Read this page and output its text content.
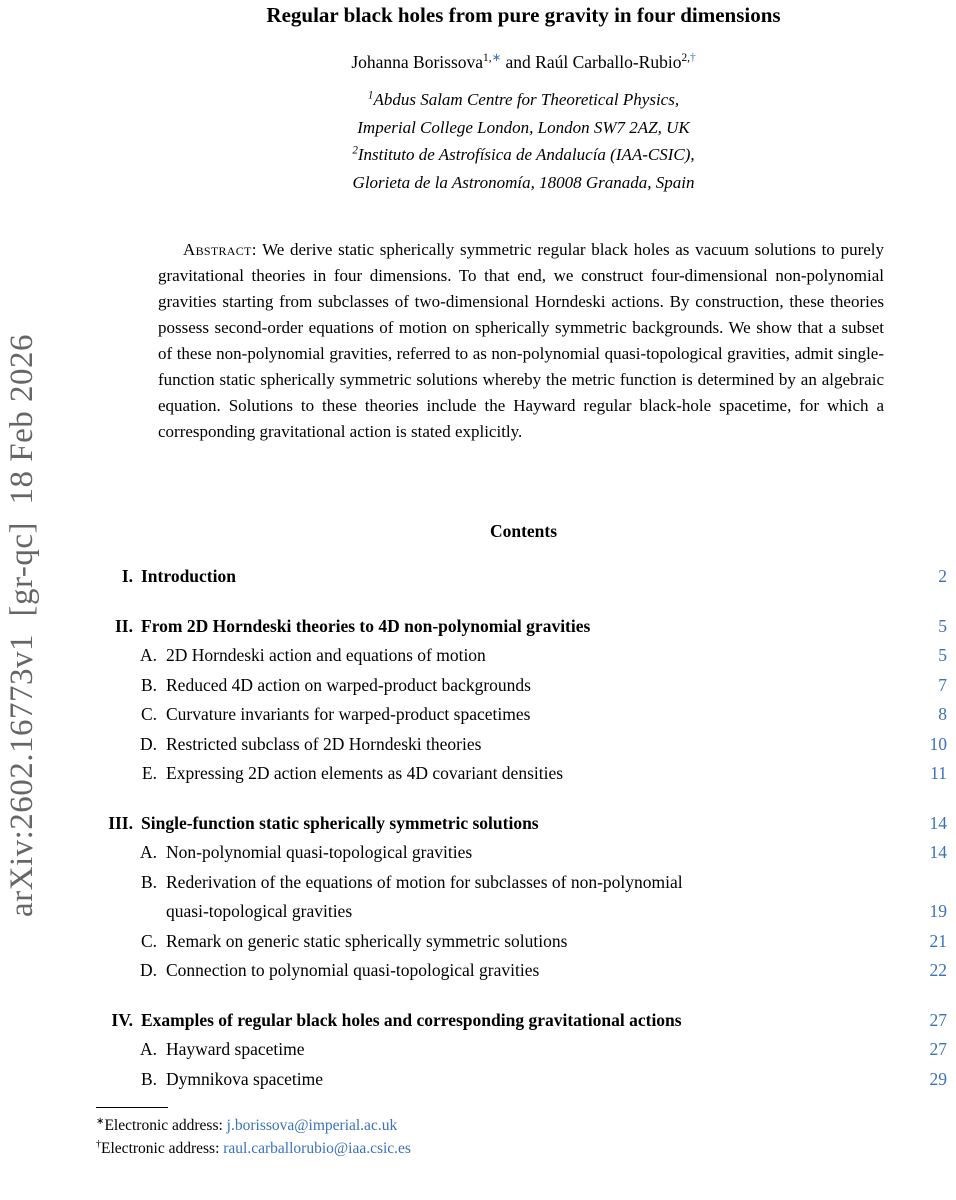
arXiv:2602.16773v1  [gr-qc]  18 Feb 2026
Regular black holes from pure gravity in four dimensions
Johanna Borissova$^{1,∗}$ and Raúl Carballo-Rubio$^{2,\dagger}$
$^1$Abdus Salam Centre for Theoretical Physics,
Imperial College London, London SW7 2AZ, UK
$^2$Instituto de Astrofísica de Andalucía (IAA-CSIC),
Glorieta de la Astronomía, 18008 Granada, Spain
Abstract: We derive static spherically symmetric regular black holes as vacuum solutions to purely gravitational theories in four dimensions. To that end, we construct four-dimensional non-polynomial gravities starting from subclasses of two-dimensional Horndeski actions. By construction, these theories possess second-order equations of motion on spherically symmetric backgrounds. We show that a subset of these non-polynomial gravities, referred to as non-polynomial quasi-topological gravities, admit single-function static spherically symmetric solutions whereby the metric function is determined by an algebraic equation. Solutions to these theories include the Hayward regular black-hole spacetime, for which a corresponding gravitational action is stated explicitly.
Contents
I. Introduction	2
II. From 2D Horndeski theories to 4D non-polynomial gravities	5
A. 2D Horndeski action and equations of motion	5
B. Reduced 4D action on warped-product backgrounds	7
C. Curvature invariants for warped-product spacetimes	8
D. Restricted subclass of 2D Horndeski theories	10
E. Expressing 2D action elements as 4D covariant densities	11
III. Single-function static spherically symmetric solutions	14
A. Non-polynomial quasi-topological gravities	14
B. Rederivation of the equations of motion for subclasses of non-polynomial
quasi-topological gravities	19
C. Remark on generic static spherically symmetric solutions	21
D. Connection to polynomial quasi-topological gravities	22
IV. Examples of regular black holes and corresponding gravitational actions	27
A. Hayward spacetime	27
B. Dymnikova spacetime	29
∗Electronic address: j.borissova@imperial.ac.uk
†Electronic address: raul.carballorubio@iaa.csic.es
